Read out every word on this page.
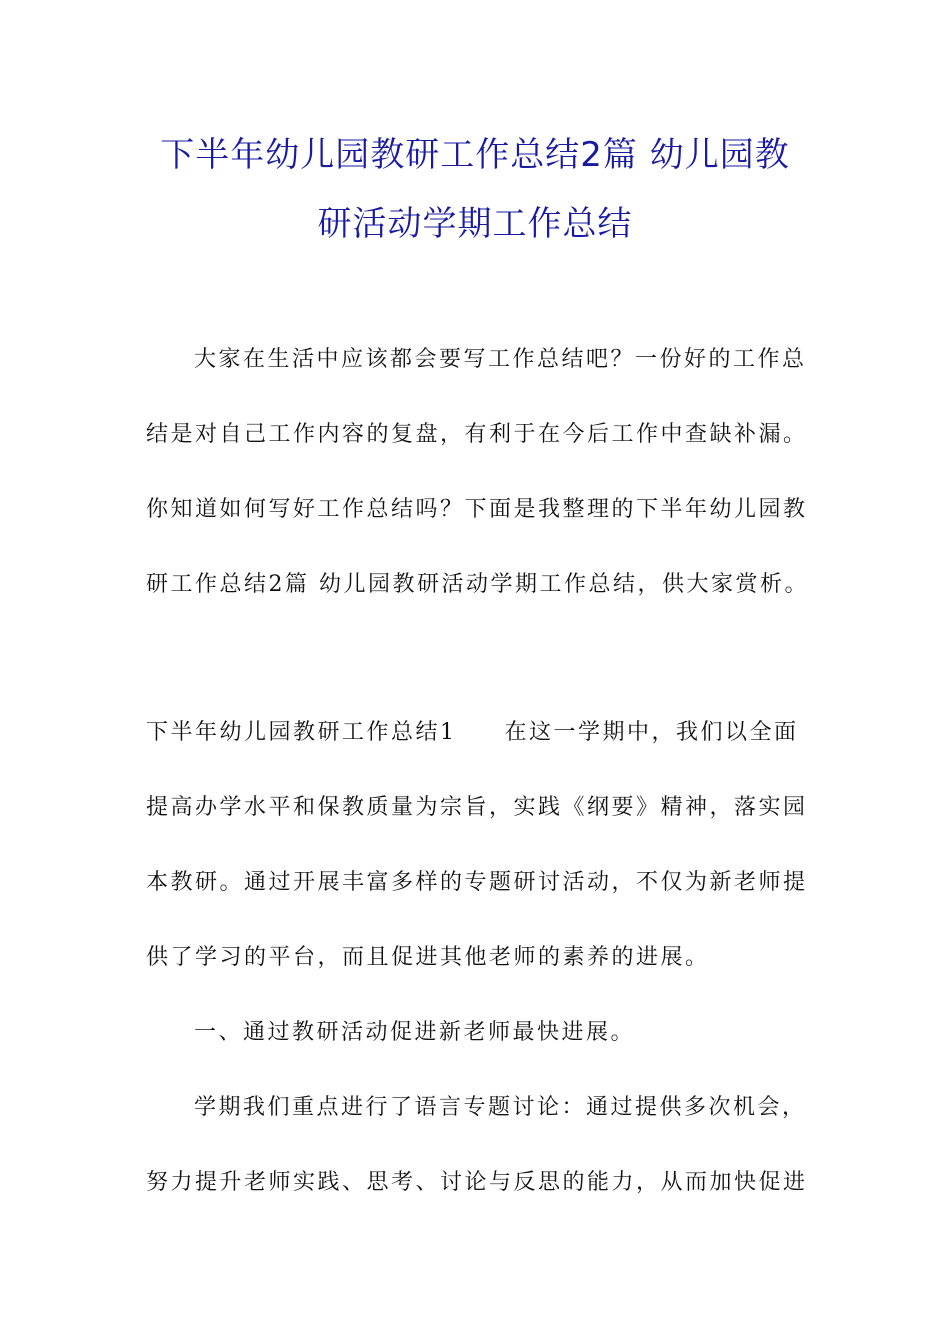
下半年幼儿园教研工作总结2篇 幼儿园教
研活动学期工作总结
大家在生活中应该都会要写工作总结吧？一份好的工作总
结是对自己工作内容的复盘，有利于在今后工作中查缺补漏。
你知道如何写好工作总结吗？下面是我整理的下半年幼儿园教
研工作总结2篇 幼儿园教研活动学期工作总结，供大家赏析。
下半年幼儿园教研工作总结1 在这一学期中，我们以全面
提高办学水平和保教质量为宗旨，实践《纲要》精神，落实园
本教研。通过开展丰富多样的专题研讨活动，不仅为新老师提
供了学习的平台，而且促进其他老师的素养的进展。
一、通过教研活动促进新老师最快进展。
学期我们重点进行了语言专题讨论：通过提供多次机会，
努力提升老师实践、思考、讨论与反思的能力，从而加快促进
